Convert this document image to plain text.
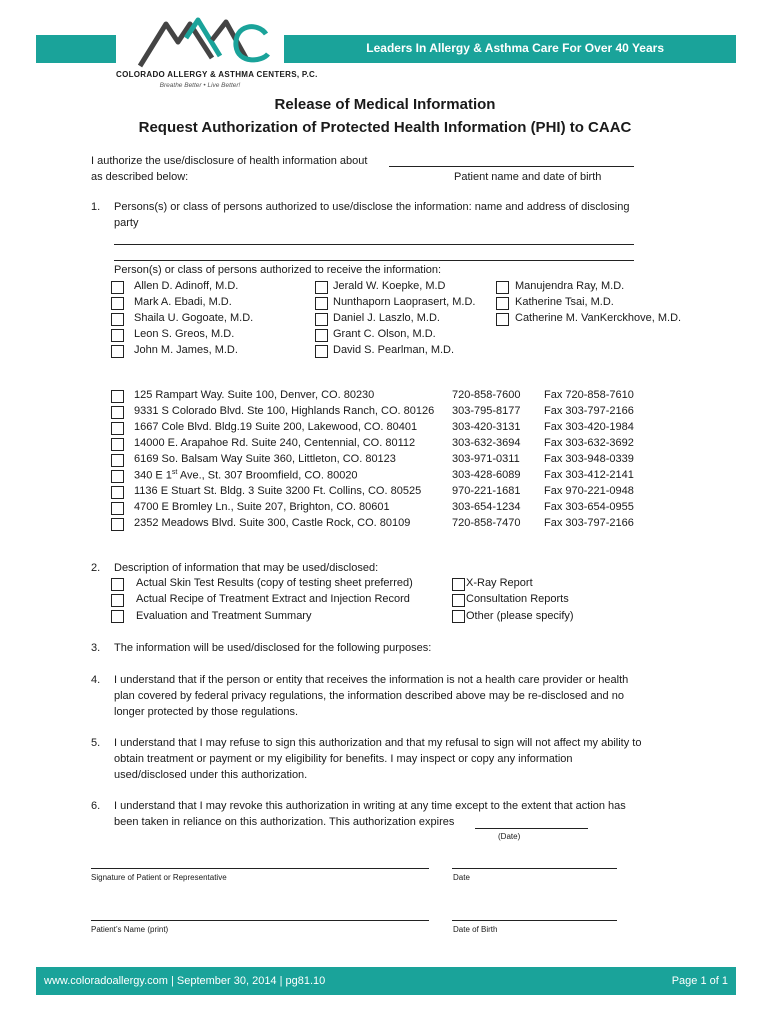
Leaders In Allergy & Asthma Care For Over 40 Years
COLORADO ALLERGY & ASTHMA CENTERS, P.C.
Breathe Better • Live Better!
Release of Medical Information
Request Authorization of Protected Health Information (PHI) to CAAC
I authorize the use/disclosure of health information about
as described below:	Patient name and date of birth
1. Persons(s) or class of persons authorized to use/disclose the information: name and address of disclosing
party
Person(s) or class of persons authorized to receive the information:
Allen D. Adinoff, M.D.
Mark A. Ebadi, M.D.
Shaila U. Gogoate, M.D.
Leon S. Greos, M.D.
John M. James, M.D.
Jerald W. Koepke, M.D
Nunthaporn Laoprasert, M.D.
Daniel J. Laszlo, M.D.
Grant C. Olson, M.D.
David S. Pearlman, M.D.
Manujendra Ray, M.D.
Katherine Tsai, M.D.
Catherine M. VanKerckhove, M.D.
125 Rampart Way. Suite 100, Denver, CO. 80230	720-858-7600 Fax 720-858-7610
9331 S Colorado Blvd. Ste 100, Highlands Ranch, CO. 80126 303-795-8177 Fax 303-797-2166
1667 Cole Blvd. Bldg.19 Suite 200, Lakewood, CO. 80401	303-420-3131 Fax 303-420-1984
14000 E. Arapahoe Rd. Suite 240, Centennial, CO. 80112	303-632-3694 Fax 303-632-3692
6169 So. Balsam Way Suite 360, Littleton, CO. 80123	303-971-0311 Fax 303-948-0339
340 E 1st Ave., St. 307 Broomfield, CO. 80020	303-428-6089 Fax 303-412-2141
1136 E Stuart St. Bldg. 3 Suite 3200 Ft. Collins, CO. 80525	970-221-1681 Fax 970-221-0948
4700 E Bromley Ln., Suite 207, Brighton, CO. 80601	303-654-1234 Fax 303-654-0955
2352 Meadows Blvd. Suite 300, Castle Rock, CO. 80109	720-858-7470 Fax 303-797-2166
2. Description of information that may be used/disclosed:
Actual Skin Test Results (copy of testing sheet preferred)
Actual Recipe of Treatment Extract and Injection Record
Evaluation and Treatment Summary
X-Ray Report
Consultation Reports
Other (please specify)
3. The information will be used/disclosed for the following purposes:
4. I understand that if the person or entity that receives the information is not a health care provider or health
plan covered by federal privacy regulations, the information described above may be re-disclosed and no
longer protected by those regulations.
5. I understand that I may refuse to sign this authorization and that my refusal to sign will not affect my ability to
obtain treatment or payment or my eligibility for benefits. I may inspect or copy any information
used/disclosed under this authorization.
6. I understand that I may revoke this authorization in writing at any time except to the extent that action has
been taken in reliance on this authorization. This authorization expires
(Date)
Signature of Patient or Representative	Date
Patient’s Name (print)	Date of Birth
www.coloradoallergy.com | September 30, 2014 | pg81.10	Page 1 of 1
